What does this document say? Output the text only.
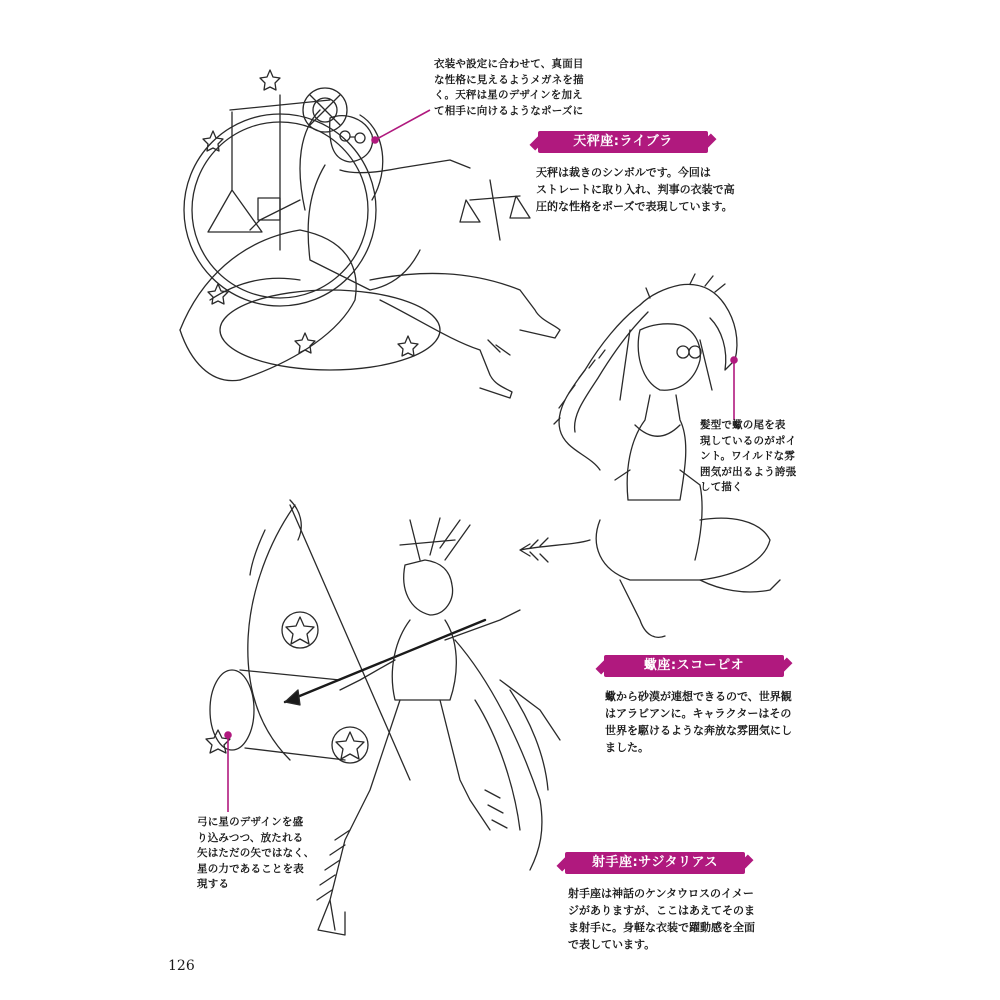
衣装や設定に合わせて、真面目
な性格に見えるようメガネを描
く。天秤は星のデザインを加え
て相手に向けるようなポーズに
天秤座:ライブラ
天秤は裁きのシンボルです。今回は
ストレートに取り入れ、判事の衣装で高
圧的な性格をポーズで表現しています。
髪型で蠍の尾を表
現しているのがポイ
ント。ワイルドな雰
囲気が出るよう誇張
して描く
蠍座:スコーピオ
蠍から砂漠が連想できるので、世界観
はアラビアンに。キャラクターはその
世界を駆けるような奔放な雰囲気にし
ました。
弓に星のデザインを盛
り込みつつ、放たれる
矢はただの矢ではなく、
星の力であることを表
現する
射手座:サジタリアス
射手座は神話のケンタウロスのイメー
ジがありますが、ここはあえてそのま
ま射手に。身軽な衣装で躍動感を全面
で表しています。
126
